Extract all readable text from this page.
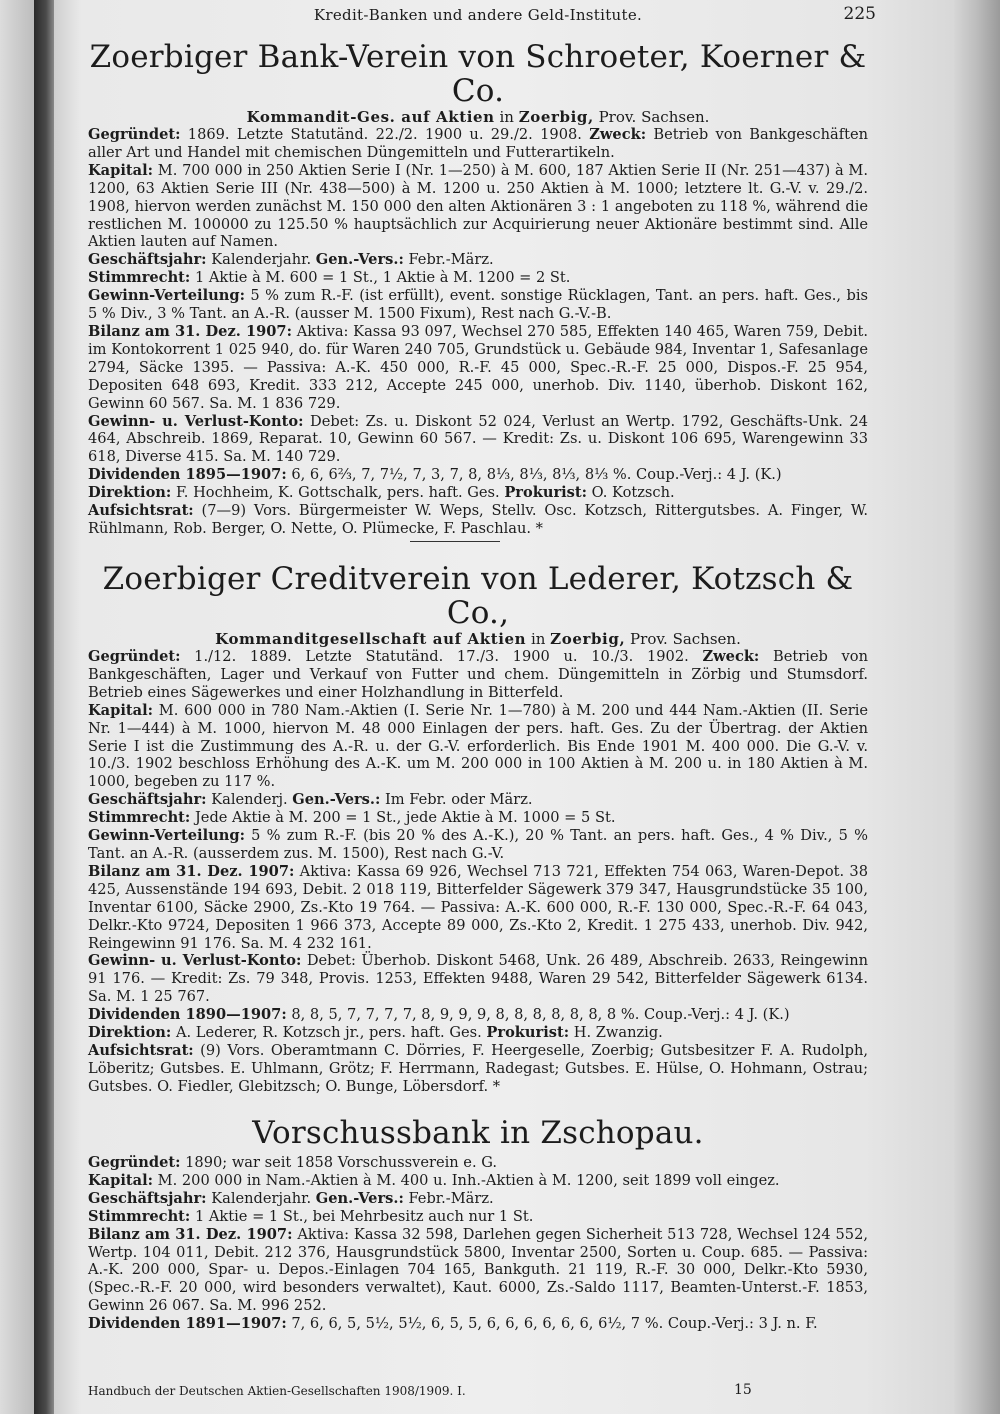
Kredit-Banken und andere Geld-Institute.	225
Zoerbiger Bank-Verein von Schroeter, Koerner & Co.
Kommandit-Ges. auf Aktien in Zoerbig, Prov. Sachsen.

Gegründet: 1869. Letzte Statutänd. 22./2. 1900 u. 29./2. 1908. Zweck: Betrieb von Bankgeschäften aller Art und Handel mit chemischen Düngemitteln und Futterartikeln.

Kapital: M. 700 000 in 250 Aktien Serie I (Nr. 1—250) à M. 600, 187 Aktien Serie II (Nr. 251—437) à M. 1200, 63 Aktien Serie III (Nr. 438—500) à M. 1200 u. 250 Aktien à M. 1000; letztere lt. G.-V. v. 29./2. 1908, hiervon werden zunächst M. 150 000 den alten Aktionären 3 : 1 angeboten zu 118 %, während die restlichen M. 100000 zu 125.50 % hauptsächlich zur Acquirierung neuer Aktionäre bestimmt sind. Alle Aktien lauten auf Namen.

Geschäftsjahr: Kalenderjahr. Gen.-Vers.: Febr.-März.

Stimmrecht: 1 Aktie à M. 600 = 1 St., 1 Aktie à M. 1200 = 2 St.

Gewinn-Verteilung: 5 % zum R.-F. (ist erfüllt), event. sonstige Rücklagen, Tant. an pers. haft. Ges., bis 5 % Div., 3 % Tant. an A.-R. (ausser M. 1500 Fixum), Rest nach G.-V.-B.

Bilanz am 31. Dez. 1907: Aktiva: Kassa 93 097, Wechsel 270 585, Effekten 140 465, Waren 759, Debit. im Kontokorrent 1 025 940, do. für Waren 240 705, Grundstück u. Gebäude 984, Inventar 1, Safesanlage 2794, Säcke 1395. — Passiva: A.-K. 450 000, R.-F. 45 000, Spec.-R.-F. 25 000, Dispos.-F. 25 954, Depositen 648 693, Kredit. 333 212, Accepte 245 000, unerhob. Div. 1140, überhob. Diskont 162, Gewinn 60 567. Sa. M. 1 836 729.

Gewinn- u. Verlust-Konto: Debet: Zs. u. Diskont 52 024, Verlust an Wertp. 1792, Geschäfts-Unk. 24 464, Abschreib. 1869, Reparat. 10, Gewinn 60 567. — Kredit: Zs. u. Diskont 106 695, Warengewinn 33 618, Diverse 415. Sa. M. 140 729.

Dividenden 1895—1907: 6, 6, 6⅔, 7, 7½, 7, 3, 7, 8, 8⅓, 8⅓, 8⅓, 8⅓ %. Coup.-Verj.: 4 J. (K.)

Direktion: F. Hochheim, K. Gottschalk, pers. haft. Ges. Prokurist: O. Kotzsch.

Aufsichtsrat: (7—9) Vors. Bürgermeister W. Weps, Stellv. Osc. Kotzsch, Rittergutsbes. A. Finger, W. Rühlmann, Rob. Berger, O. Nette, O. Plümecke, F. Paschlau. *

Zoerbiger Creditverein von Lederer, Kotzsch & Co.,
Kommanditgesellschaft auf Aktien in Zoerbig, Prov. Sachsen.

Gegründet: 1./12. 1889. Letzte Statutänd. 17./3. 1900 u. 10./3. 1902. Zweck: Betrieb von Bankgeschäften, Lager und Verkauf von Futter und chem. Düngemitteln in Zörbig und Stumsdorf. Betrieb eines Sägewerkes und einer Holzhandlung in Bitterfeld.

Kapital: M. 600 000 in 780 Nam.-Aktien (I. Serie Nr. 1—780) à M. 200 und 444 Nam.-Aktien (II. Serie Nr. 1—444) à M. 1000, hiervon M. 48 000 Einlagen der pers. haft. Ges. Zu der Übertrag. der Aktien Serie I ist die Zustimmung des A.-R. u. der G.-V. erforderlich. Bis Ende 1901 M. 400 000. Die G.-V. v. 10./3. 1902 beschloss Erhöhung des A.-K. um M. 200 000 in 100 Aktien à M. 200 u. in 180 Aktien à M. 1000, begeben zu 117 %.

Geschäftsjahr: Kalenderj. Gen.-Vers.: Im Febr. oder März.

Stimmrecht: Jede Aktie à M. 200 = 1 St., jede Aktie à M. 1000 = 5 St.

Gewinn-Verteilung: 5 % zum R.-F. (bis 20 % des A.-K.), 20 % Tant. an pers. haft. Ges., 4 % Div., 5 % Tant. an A.-R. (ausserdem zus. M. 1500), Rest nach G.-V.

Bilanz am 31. Dez. 1907: Aktiva: Kassa 69 926, Wechsel 713 721, Effekten 754 063, Waren-Depot. 38 425, Aussenstände 194 693, Debit. 2 018 119, Bitterfelder Sägewerk 379 347, Hausgrundstücke 35 100, Inventar 6100, Säcke 2900, Zs.-Kto 19 764. — Passiva: A.-K. 600 000, R.-F. 130 000, Spec.-R.-F. 64 043, Delkr.-Kto 9724, Depositen 1 966 373, Accepte 89 000, Zs.-Kto 2, Kredit. 1 275 433, unerhob. Div. 942, Reingewinn 91 176. Sa. M. 4 232 161.

Gewinn- u. Verlust-Konto: Debet: Überhob. Diskont 5468, Unk. 26 489, Abschreib. 2633, Reingewinn 91 176. — Kredit: Zs. 79 348, Provis. 1253, Effekten 9488, Waren 29 542, Bitterfelder Sägewerk 6134. Sa. M. 1 25 767.

Dividenden 1890—1907: 8, 8, 5, 7, 7, 7, 7, 8, 9, 9, 9, 8, 8, 8, 8, 8, 8, 8 %. Coup.-Verj.: 4 J. (K.)

Direktion: A. Lederer, R. Kotzsch jr., pers. haft. Ges. Prokurist: H. Zwanzig.

Aufsichtsrat: (9) Vors. Oberamtmann C. Dörries, F. Heergeselle, Zoerbig; Gutsbesitzer F. A. Rudolph, Löberitz; Gutsbes. E. Uhlmann, Grötz; F. Herrmann, Radegast; Gutsbes. E. Hülse, O. Hohmann, Ostrau; Gutsbes. O. Fiedler, Glebitzsch; O. Bunge, Löbersdorf. *

Vorschussbank in Zschopau.

Gegründet: 1890; war seit 1858 Vorschussverein e. G.

Kapital: M. 200 000 in Nam.-Aktien à M. 400 u. Inh.-Aktien à M. 1200, seit 1899 voll eingez.

Geschäftsjahr: Kalenderjahr. Gen.-Vers.: Febr.-März.

Stimmrecht: 1 Aktie = 1 St., bei Mehrbesitz auch nur 1 St.

Bilanz am 31. Dez. 1907: Aktiva: Kassa 32 598, Darlehen gegen Sicherheit 513 728, Wechsel 124 552, Wertp. 104 011, Debit. 212 376, Hausgrundstück 5800, Inventar 2500, Sorten u. Coup. 685. — Passiva: A.-K. 200 000, Spar- u. Depos.-Einlagen 704 165, Bankguth. 21 119, R.-F. 30 000, Delkr.-Kto 5930, (Spec.-R.-F. 20 000, wird besonders verwaltet), Kaut. 6000, Zs.-Saldo 1117, Beamten-Unterst.-F. 1853, Gewinn 26 067. Sa. M. 996 252.

Dividenden 1891—1907: 7, 6, 6, 5, 5½, 5½, 6, 5, 5, 6, 6, 6, 6, 6, 6, 6½, 7 %. Coup.-Verj.: 3 J. n. F.

Handbuch der Deutschen Aktien-Gesellschaften 1908/1909. I.	15
